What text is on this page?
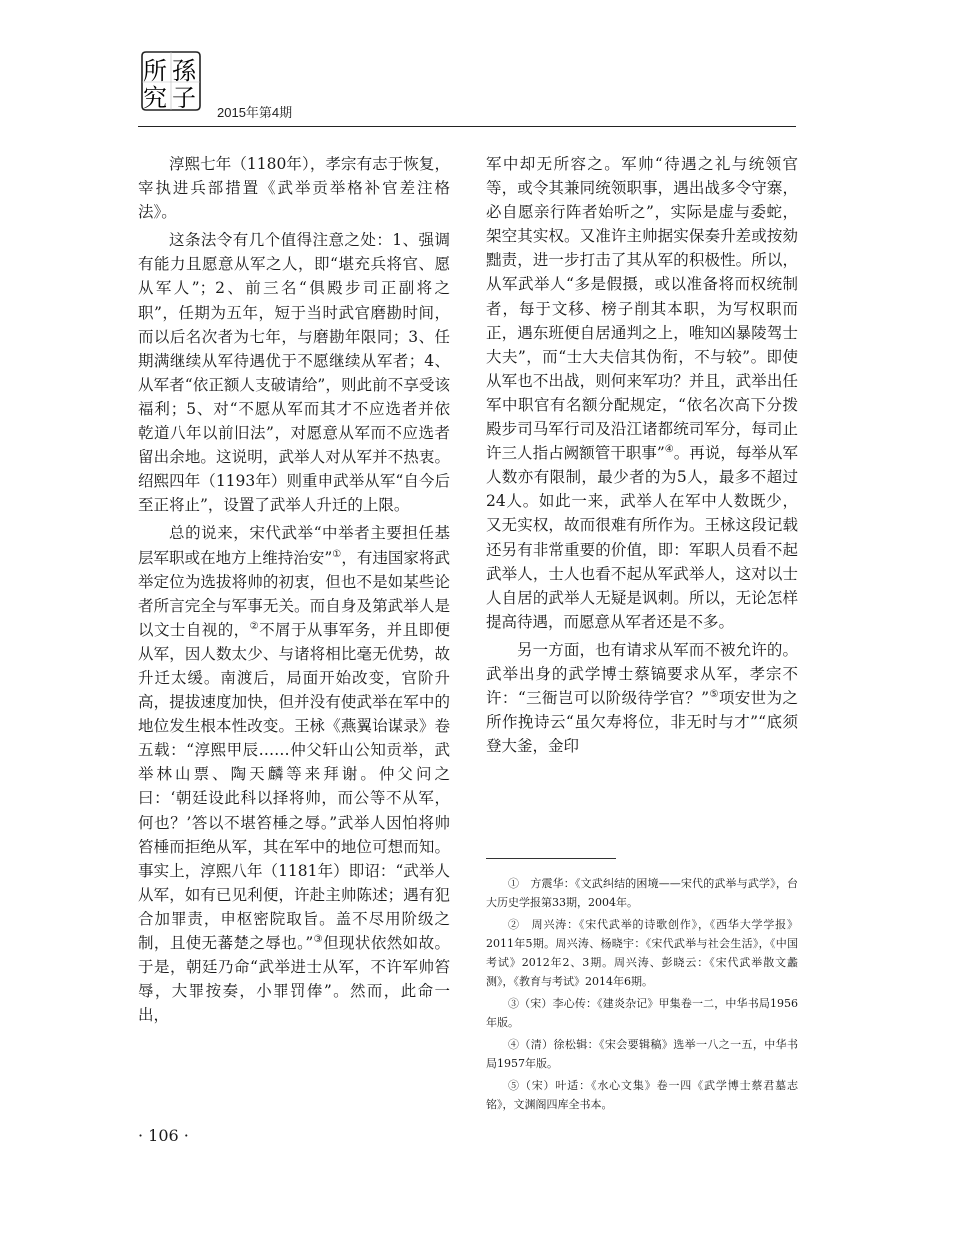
所
究
孫
子
2015年第4期

淳熙七年（1180年），孝宗有志于恢复，宰执进兵部措置《武举贡举格补官差注格法》。

这条法令有几个值得注意之处：1、强调有能力且愿意从军之人，即“堪充兵将官、愿从军人”；2、前三名“俱殿步司正副将之职”，任期为五年，短于当时武官磨勘时间，而以后名次者为七年，与磨勘年限同；3、任期满继续从军待遇优于不愿继续从军者；4、从军者“依正额人支破请给”，则此前不享受该福利；5、对“不愿从军而其才不应选者并依乾道八年以前旧法”，对愿意从军而不应选者留出余地。这说明，武举人对从军并不热衷。绍熙四年（1193年）则重申武举从军“自今后至正将止”，设置了武举人升迁的上限。

总的说来，宋代武举“中举者主要担任基层军职或在地方上维持治安”①，有违国家将武举定位为选拔将帅的初衷，但也不是如某些论者所言完全与军事无关。而自身及第武举人是以文士自视的，②不屑于从事军务，并且即便从军，因人数太少、与诸将相比毫无优势，故升迁太缓。南渡后，局面开始改变，官阶升高，提拔速度加快，但并没有使武举在军中的地位发生根本性改变。王栐《燕翼诒谋录》卷五载：“淳熙甲辰……仲父轩山公知贡举，武举林山票、陶天麟等来拜谢。仲父问之曰：‘朝廷设此科以择将帅，而公等不从军，何也？’答以不堪笞棰之辱。”武举人因怕将帅笞棰而拒绝从军，其在军中的地位可想而知。事实上，淳熙八年（1181年）即诏：“武举人从军，如有已见利便，许赴主帅陈述；遇有犯合加罪责，申枢密院取旨。盖不尽用阶级之制，且使无蕃楚之辱也。”③但现状依然如故。于是，朝廷乃命“武举进士从军，不许军帅笞辱，大罪按奏，小罪罚俸”。然而，此命一出，

军中却无所容之。军帅“待遇之礼与统领官等，或令其兼同统领职事，遇出战多令守寨，必自愿亲行阵者始听之”，实际是虚与委蛇，架空其实权。又准许主帅据实保奏升差或按劾黜责，进一步打击了其从军的积极性。所以，从军武举人“多是假摄，或以准备将而权统制者，每于文移、榜子削其本职，为写权职而正，遇东班便自居通判之上，唯知凶暴陵驾士大夫”，而“士大夫信其伪衔，不与较”。即使从军也不出战，则何来军功？并且，武举出任军中职官有名额分配规定，“依名次高下分拨殿步司马军行司及沿江诸都统司军分，每司止许三人指占阙额管干职事”④。再说，每举从军人数亦有限制，最少者的为5人，最多不超过24人。如此一来，武举人在军中人数既少，又无实权，故而很难有所作为。王栐这段记载还另有非常重要的价值，即：军职人员看不起武举人，士人也看不起从军武举人，这对以士人自居的武举人无疑是讽刺。所以，无论怎样提高待遇，而愿意从军者还是不多。

另一方面，也有请求从军而不被允许的。武举出身的武学博士蔡镐要求从军，孝宗不许：“三衙岂可以阶级待学官？”⑤项安世为之所作挽诗云“虽欠寿将位，非无时与才”“底须登大釜，金印

①　方震华：《文武纠结的困境——宋代的武举与武学》，台大历史学报第33期，2004年。

②　周兴涛：《宋代武举的诗歌创作》，《西华大学学报》2011年5期。周兴涛、杨晓宇：《宋代武举与社会生活》，《中国考试》2012年2、3期。周兴涛、彭晓云：《宋代武举散文蠡测》，《教育与考试》2014年6期。

③（宋）李心传：《建炎杂记》甲集卷一二，中华书局1956年版。

④（清）徐松辑：《宋会要辑稿》选举一八之一五，中华书局1957年版。

⑤（宋）叶适：《水心文集》卷一四《武学博士蔡君墓志铭》，文渊阁四库全书本。

· 106 ·
